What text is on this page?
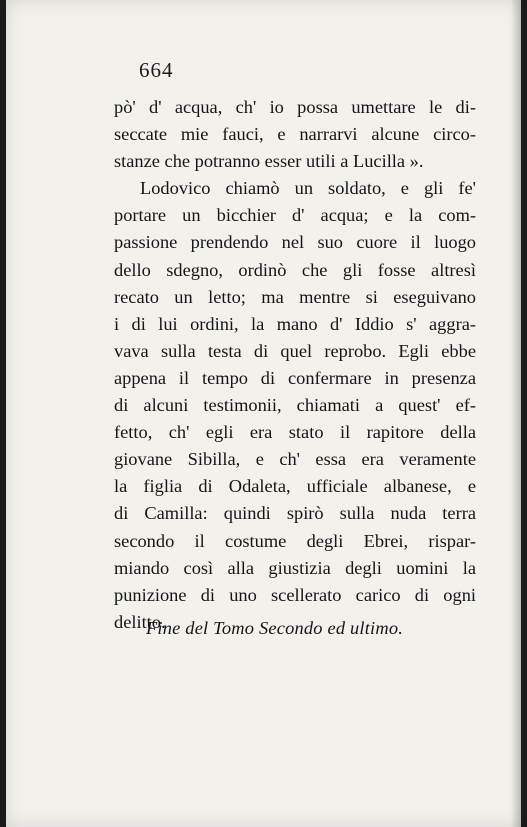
664
pò' d' acqua, ch' io possa umettare le di-
seccate mie fauci, e narrarvi alcune circo-
stanze che potranno esser utili a Lucilla ».
Lodovico chiamò un soldato, e gli fe'
portare un bicchier d' acqua; e la com-
passione prendendo nel suo cuore il luogo
dello sdegno, ordinò che gli fosse altresì
recato un letto; ma mentre si eseguivano
i di lui ordini, la mano d' Iddio s' aggra-
vava sulla testa di quel reprobo. Egli ebbe
appena il tempo di confermare in presenza
di alcuni testimonii, chiamati a quest' ef-
fetto, ch' egli era stato il rapitore della
giovane Sibilla, e ch' essa era veramente
la figlia di Odaleta, ufficiale albanese, e
di Camilla: quindi spirò sulla nuda terra
secondo il costume degli Ebrei, rispar-
miando così alla giustizia degli uomini la
punizione di uno scellerato carico di ogni
delitto.
Fine del Tomo Secondo ed ultimo.
